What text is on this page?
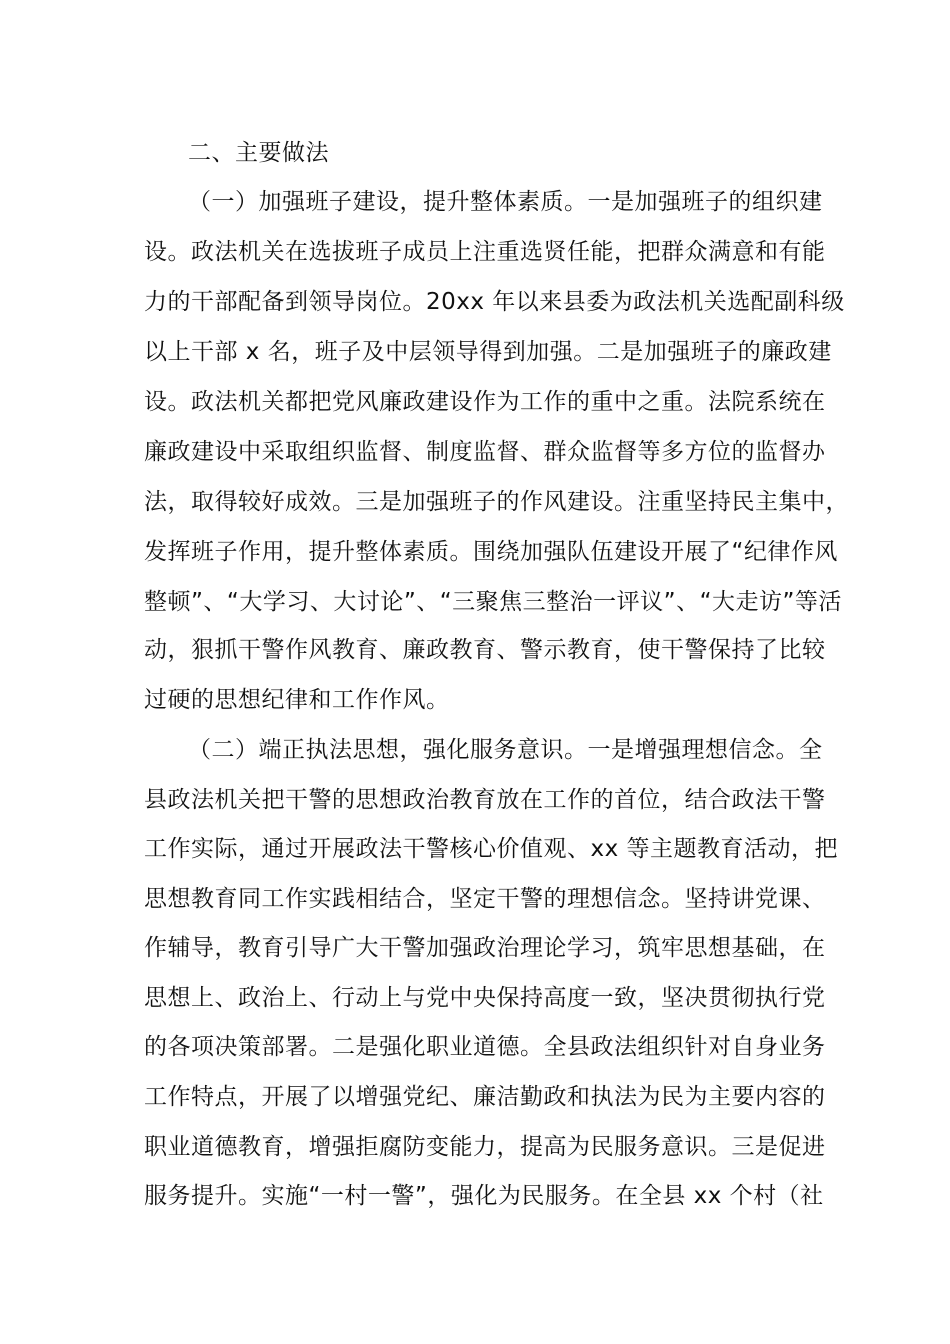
二、主要做法
（一）加强班子建设，提升整体素质。一是加强班子的组织建
设。政法机关在选拔班子成员上注重选贤任能，把群众满意和有能
力的干部配备到领导岗位。20xx 年以来县委为政法机关选配副科级
以上干部 x 名，班子及中层领导得到加强。二是加强班子的廉政建
设。政法机关都把党风廉政建设作为工作的重中之重。法院系统在
廉政建设中采取组织监督、制度监督、群众监督等多方位的监督办
法，取得较好成效。三是加强班子的作风建设。注重坚持民主集中，
发挥班子作用，提升整体素质。围绕加强队伍建设开展了“纪律作风
整顿”、“大学习、大讨论”、“三聚焦三整治一评议”、“大走访”等活
动，狠抓干警作风教育、廉政教育、警示教育，使干警保持了比较
过硬的思想纪律和工作作风。
（二）端正执法思想，强化服务意识。一是增强理想信念。全
县政法机关把干警的思想政治教育放在工作的首位，结合政法干警
工作实际，通过开展政法干警核心价值观、xx 等主题教育活动，把
思想教育同工作实践相结合，坚定干警的理想信念。坚持讲党课、
作辅导，教育引导广大干警加强政治理论学习，筑牢思想基础，在
思想上、政治上、行动上与党中央保持高度一致，坚决贯彻执行党
的各项决策部署。二是强化职业道德。全县政法组织针对自身业务
工作特点，开展了以增强党纪、廉洁勤政和执法为民为主要内容的
职业道德教育，增强拒腐防变能力，提高为民服务意识。三是促进
服务提升。实施“一村一警”，强化为民服务。在全县 xx 个村（社
